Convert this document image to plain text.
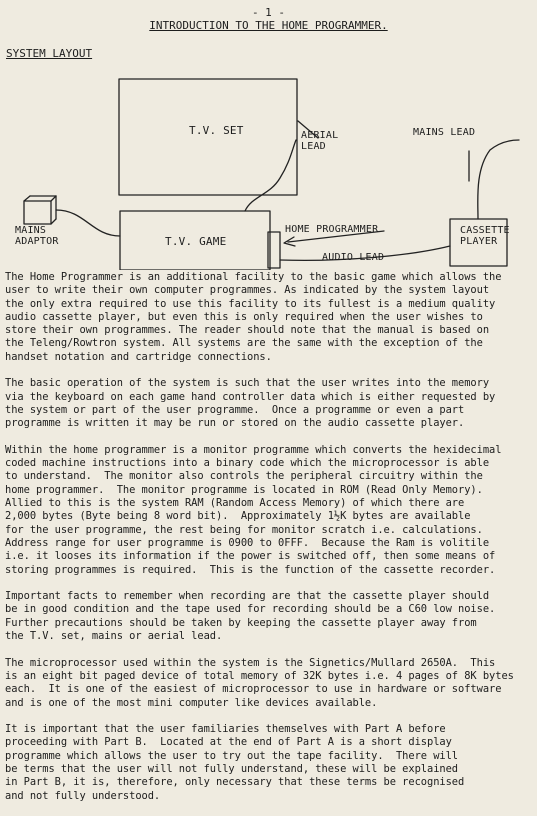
- 1 -
INTRODUCTION TO THE HOME PROGRAMMER.
SYSTEM LAYOUT
T.V. SET
T.V. GAME
AERIAL
LEAD
MAINS LEAD
MAINS
ADAPTOR
HOME PROGRAMMER
AUDIO LEAD
CASSETTE
PLAYER

The Home Programmer is an additional facility to the basic game which allows the
user to write their own computer programmes. As indicated by the system layout
the only extra required to use this facility to its fullest is a medium quality
audio cassette player, but even this is only required when the user wishes to
store their own programmes. The reader should note that the manual is based on
the Teleng/Rowtron system. All systems are the same with the exception of the
handset notation and cartridge connections.

The basic operation of the system is such that the user writes into the memory
via the keyboard on each game hand controller data which is either requested by
the system or part of the user programme.  Once a programme or even a part
programme is written it may be run or stored on the audio cassette player.

Within the home programmer is a monitor programme which converts the hexidecimal
coded machine instructions into a binary code which the microprocessor is able
to understand.  The monitor also controls the peripheral circuitry within the
home programmer.  The monitor programme is located in ROM (Read Only Memory).
Allied to this is the system RAM (Random Access Memory) of which there are
2,000 bytes (Byte being 8 word bit).  Approximately 1½K bytes are available
for the user programme, the rest being for monitor scratch i.e. calculations.
Address range for user programme is 0900 to 0FFF.  Because the Ram is volitile
i.e. it looses its information if the power is switched off, then some means of
storing programmes is required.  This is the function of the cassette recorder.

Important facts to remember when recording are that the cassette player should
be in good condition and the tape used for recording should be a C60 low noise.
Further precautions should be taken by keeping the cassette player away from
the T.V. set, mains or aerial lead.

The microprocessor used within the system is the Signetics/Mullard 2650A.  This
is an eight bit paged device of total memory of 32K bytes i.e. 4 pages of 8K bytes
each.  It is one of the easiest of microprocessor to use in hardware or software
and is one of the most mini computer like devices available.

It is important that the user familiaries themselves with Part A before
proceeding with Part B.  Located at the end of Part A is a short display
programme which allows the user to try out the tape facility.  There will
be terms that the user will not fully understand, these will be explained
in Part B, it is, therefore, only necessary that these terms be recognised
and not fully understood.
